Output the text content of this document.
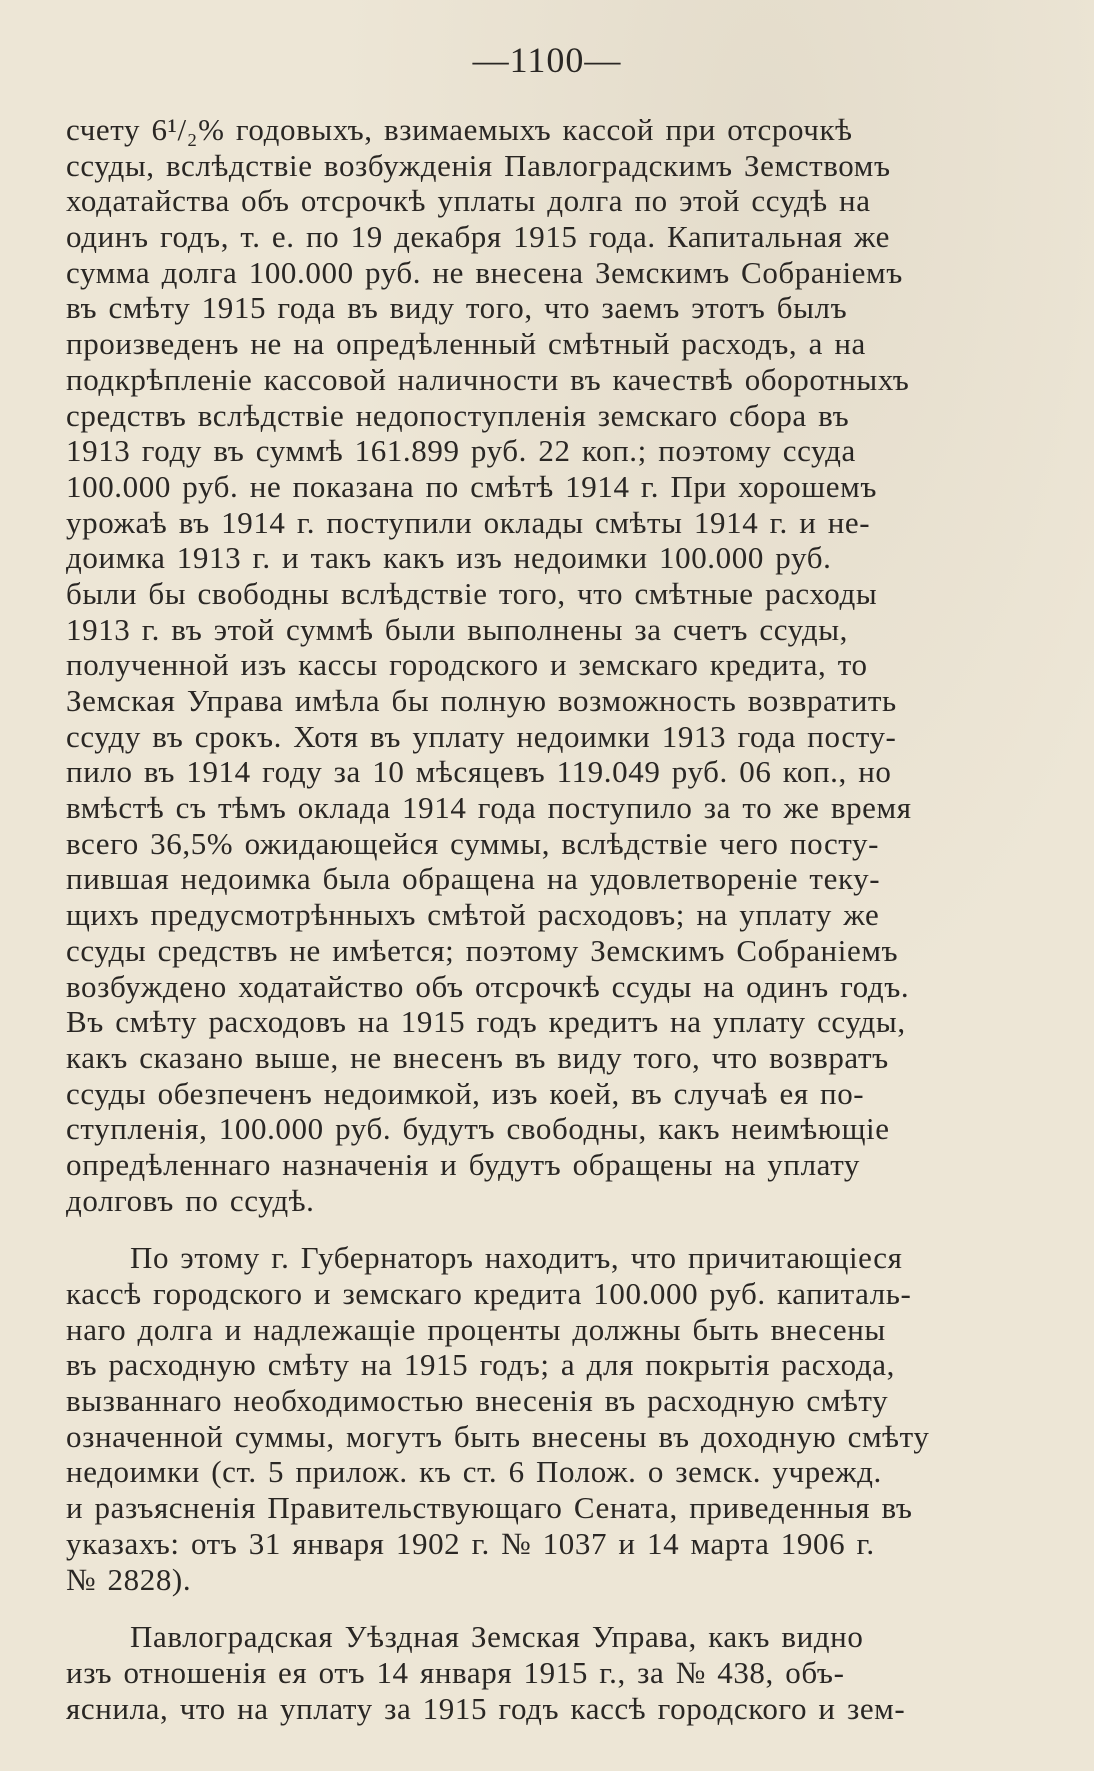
—1100—
счету 6¹/₂% годовыхъ, взимаемыхъ кассой при отсрочкѣ
ссуды, вслѣдствіе возбужденія Павлоградскимъ Земствомъ
ходатайства объ отсрочкѣ уплаты долга по этой ссудѣ на
одинъ годъ, т. е. по 19 декабря 1915 года. Капитальная же
сумма долга 100.000 руб. не внесена Земскимъ Собраніемъ
въ смѣту 1915 года въ виду того, что заемъ этотъ былъ
произведенъ не на опредѣленный смѣтный расходъ, а на
подкрѣпленіе кассовой наличности въ качествѣ оборотныхъ
средствъ вслѣдствіе недопоступленія земскаго сбора въ
1913 году въ суммѣ 161.899 руб. 22 коп.; поэтому ссуда
100.000 руб. не показана по смѣтѣ 1914 г. При хорошемъ
урожаѣ въ 1914 г. поступили оклады смѣты 1914 г. и не-
доимка 1913 г. и такъ какъ изъ недоимки 100.000 руб.
были бы свободны вслѣдствіе того, что смѣтные расходы
1913 г. въ этой суммѣ были выполнены за счетъ ссуды,
полученной изъ кассы городского и земскаго кредита, то
Земская Управа имѣла бы полную возможность возвратить
ссуду въ срокъ. Хотя въ уплату недоимки 1913 года посту-
пило въ 1914 году за 10 мѣсяцевъ 119.049 руб. 06 коп., но
вмѣстѣ съ тѣмъ оклада 1914 года поступило за то же время
всего 36,5% ожидающейся суммы, вслѣдствіе чего посту-
пившая недоимка была обращена на удовлетвореніе теку-
щихъ предусмотрѣнныхъ смѣтой расходовъ; на уплату же
ссуды средствъ не имѣется; поэтому Земскимъ Собраніемъ
возбуждено ходатайство объ отсрочкѣ ссуды на одинъ годъ.
Въ смѣту расходовъ на 1915 годъ кредитъ на уплату ссуды,
какъ сказано выше, не внесенъ въ виду того, что возвратъ
ссуды обезпеченъ недоимкой, изъ коей, въ случаѣ ея по-
ступленія, 100.000 руб. будутъ свободны, какъ неимѣющіе
опредѣленнаго назначенія и будутъ обращены на уплату
долговъ по ссудѣ.
По этому г. Губернаторъ находитъ, что причитающіеся
кассѣ городского и земскаго кредита 100.000 руб. капиталь-
наго долга и надлежащіе проценты должны быть внесены
въ расходную смѣту на 1915 годъ; а для покрытія расхода,
вызваннаго необходимостью внесенія въ расходную смѣту
означенной суммы, могутъ быть внесены въ доходную смѣту
недоимки (ст. 5 прилож. къ ст. 6 Полож. о земск. учрежд.
и разъясненія Правительствующаго Сената, приведенныя въ
указахъ: отъ 31 января 1902 г. № 1037 и 14 марта 1906 г.
№ 2828).
Павлоградская Уѣздная Земская Управа, какъ видно
изъ отношенія ея отъ 14 января 1915 г., за № 438, объ-
яснила, что на уплату за 1915 годъ кассѣ городского и зем-
